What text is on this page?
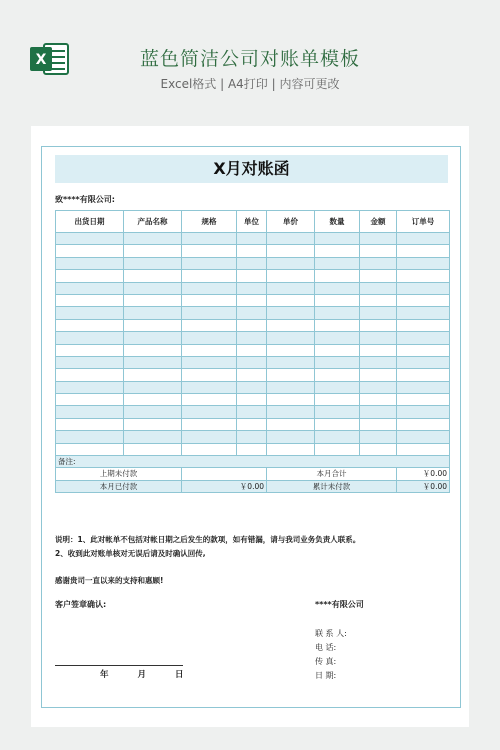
X	蓝色简洁公司对账单模板
Excel格式 | A4打印 | 内容可更改
X月对账函
致****有限公司:
出货日期	产品名称	规格	单位	单价	数量	金额	订单号

备注:							
上期未付款				本月合计			￥0.00
本月已付款		￥0.00		累计未付款			￥0.00
说明：1、此对帐单不包括对帐日期之后发生的款项，如有错漏，请与我司业务负责人联系。
2、收到此对账单核对无误后请及时确认回传,
感谢贵司一直以来的支持和惠顾!
客户签章确认:	****有限公司
联 系 人:
电 话:
传 真:
日 期:
年	月	日
